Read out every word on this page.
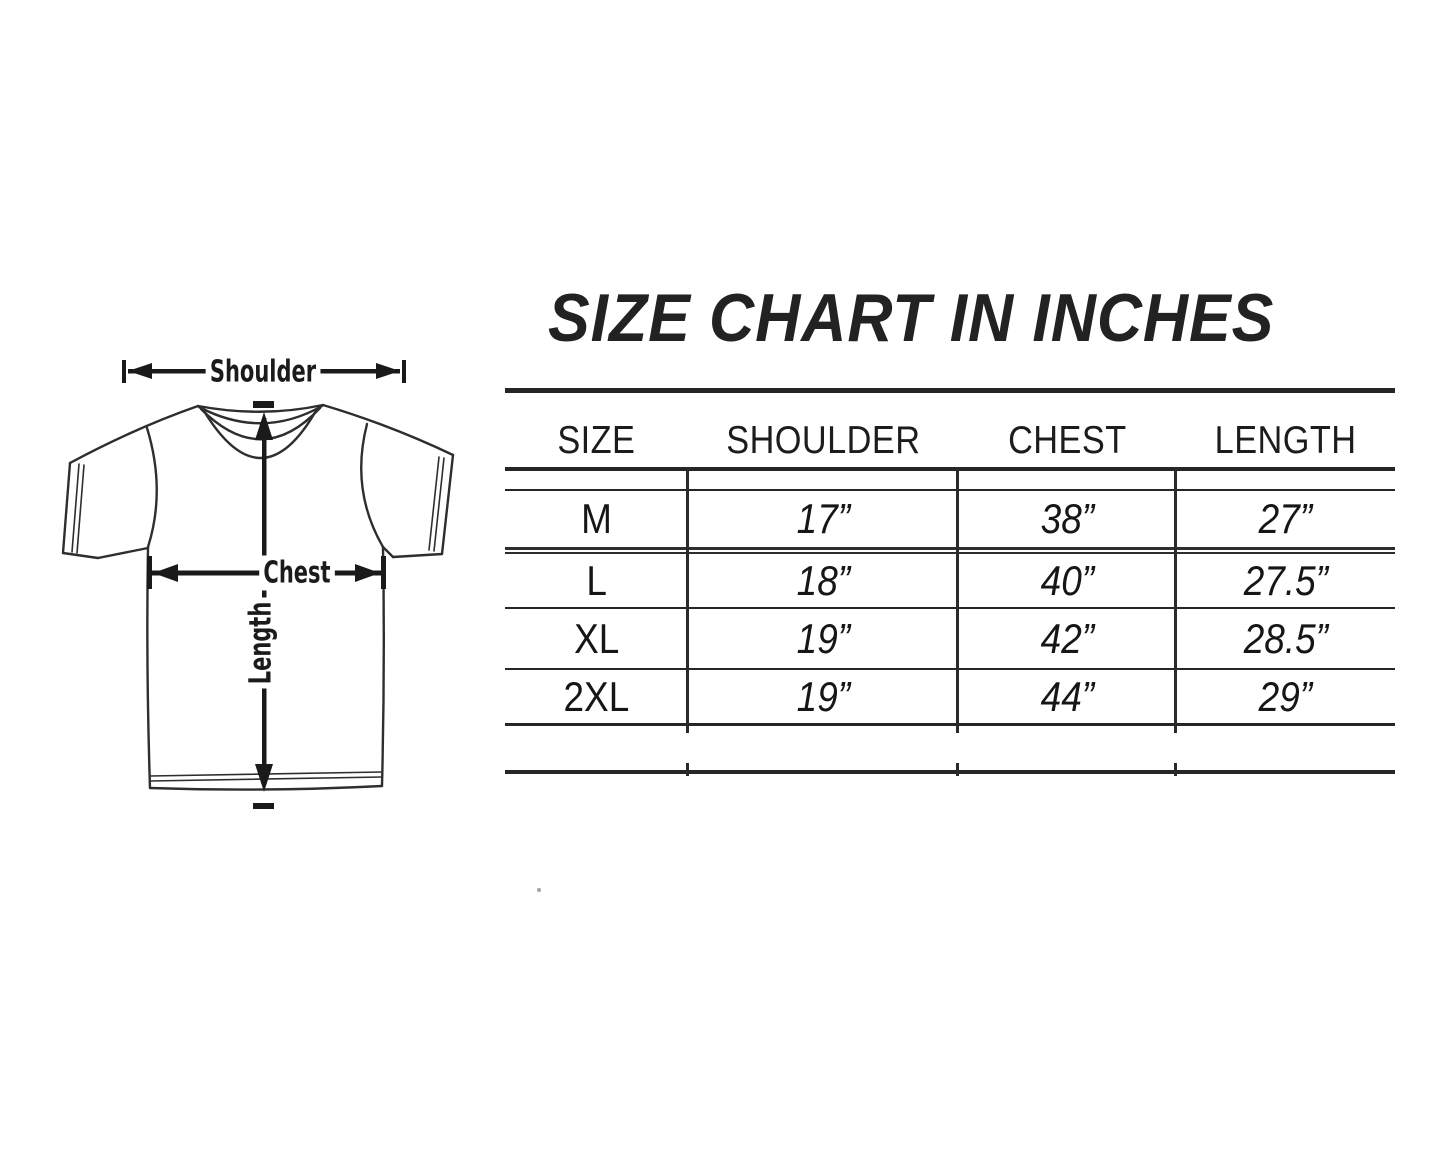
Shoulder
Chest
Length
SIZE CHART IN INCHES
SIZE SHOULDER CHEST LENGTH
M	17”	38”	27”
L	18”	40”	27.5”
XL	19”	42”	28.5”
2XL	19”	44”	29”
